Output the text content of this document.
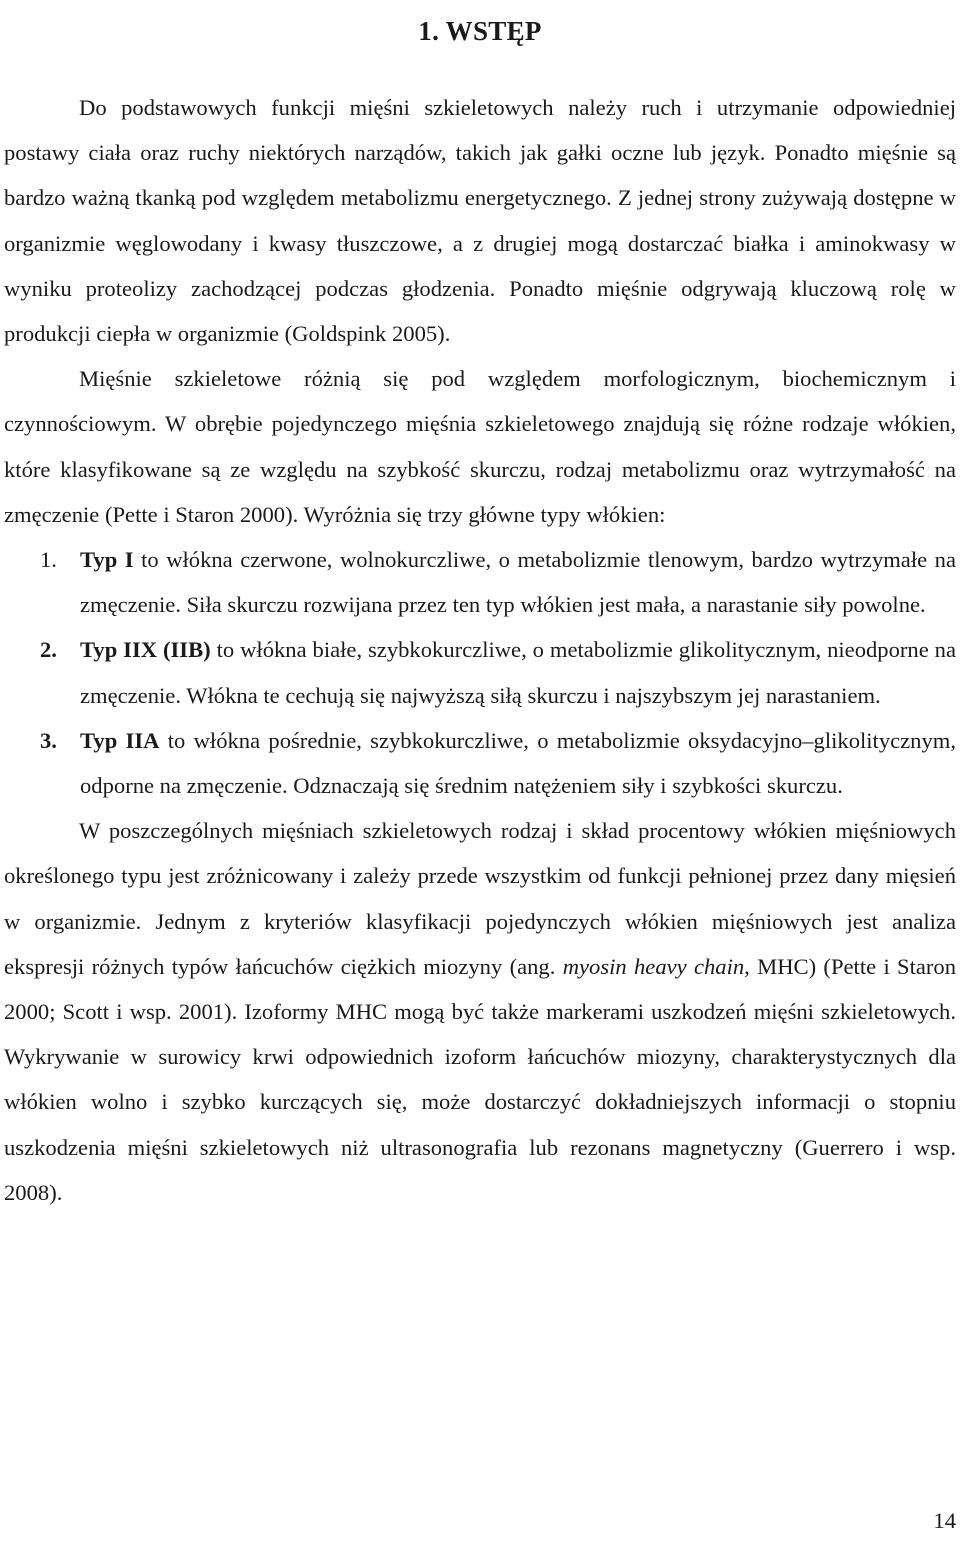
1. WSTĘP

Do podstawowych funkcji mięśni szkieletowych należy ruch i utrzymanie odpowiedniej postawy ciała oraz ruchy niektórych narządów, takich jak gałki oczne lub język. Ponadto mięśnie są bardzo ważną tkanką pod względem metabolizmu energetycznego. Z jednej strony zużywają dostępne w organizmie węglowodany i kwasy tłuszczowe, a z drugiej mogą dostarczać białka i aminokwasy w wyniku proteolizy zachodzącej podczas głodzenia. Ponadto mięśnie odgrywają kluczową rolę w produkcji ciepła w organizmie (Goldspink 2005).

Mięśnie szkieletowe różnią się pod względem morfologicznym, biochemicznym i czynnościowym. W obrębie pojedynczego mięśnia szkieletowego znajdują się różne rodzaje włókien, które klasyfikowane są ze względu na szybkość skurczu, rodzaj metabolizmu oraz wytrzymałość na zmęczenie (Pette i Staron 2000). Wyróżnia się trzy główne typy włókien:

1. Typ I to włókna czerwone, wolnokurczliwe, o metabolizmie tlenowym, bardzo wytrzymałe na zmęczenie. Siła skurczu rozwijana przez ten typ włókien jest mała, a narastanie siły powolne.
2. Typ IIX (IIB) to włókna białe, szybkokurczliwe, o metabolizmie glikolitycznym, nieodporne na zmęczenie. Włókna te cechują się najwyższą siłą skurczu i najszybszym jej narastaniem.
3. Typ IIA to włókna pośrednie, szybkokurczliwe, o metabolizmie oksydacyjno–glikolitycznym, odporne na zmęczenie. Odznaczają się średnim natężeniem siły i szybkości skurczu.

W poszczególnych mięśniach szkieletowych rodzaj i skład procentowy włókien mięśniowych określonego typu jest zróżnicowany i zależy przede wszystkim od funkcji pełnionej przez dany mięsień w organizmie. Jednym z kryteriów klasyfikacji pojedynczych włókien mięśniowych jest analiza ekspresji różnych typów łańcuchów ciężkich miozyny (ang. myosin heavy chain, MHC) (Pette i Staron 2000; Scott i wsp. 2001). Izoformy MHC mogą być także markerami uszkodzeń mięśni szkieletowych. Wykrywanie w surowicy krwi odpowiednich izoform łańcuchów miozyny, charakterystycznych dla włókien wolno i szybko kurczących się, może dostarczyć dokładniejszych informacji o stopniu uszkodzenia mięśni szkieletowych niż ultrasonografia lub rezonans magnetyczny (Guerrero i wsp. 2008).

14
